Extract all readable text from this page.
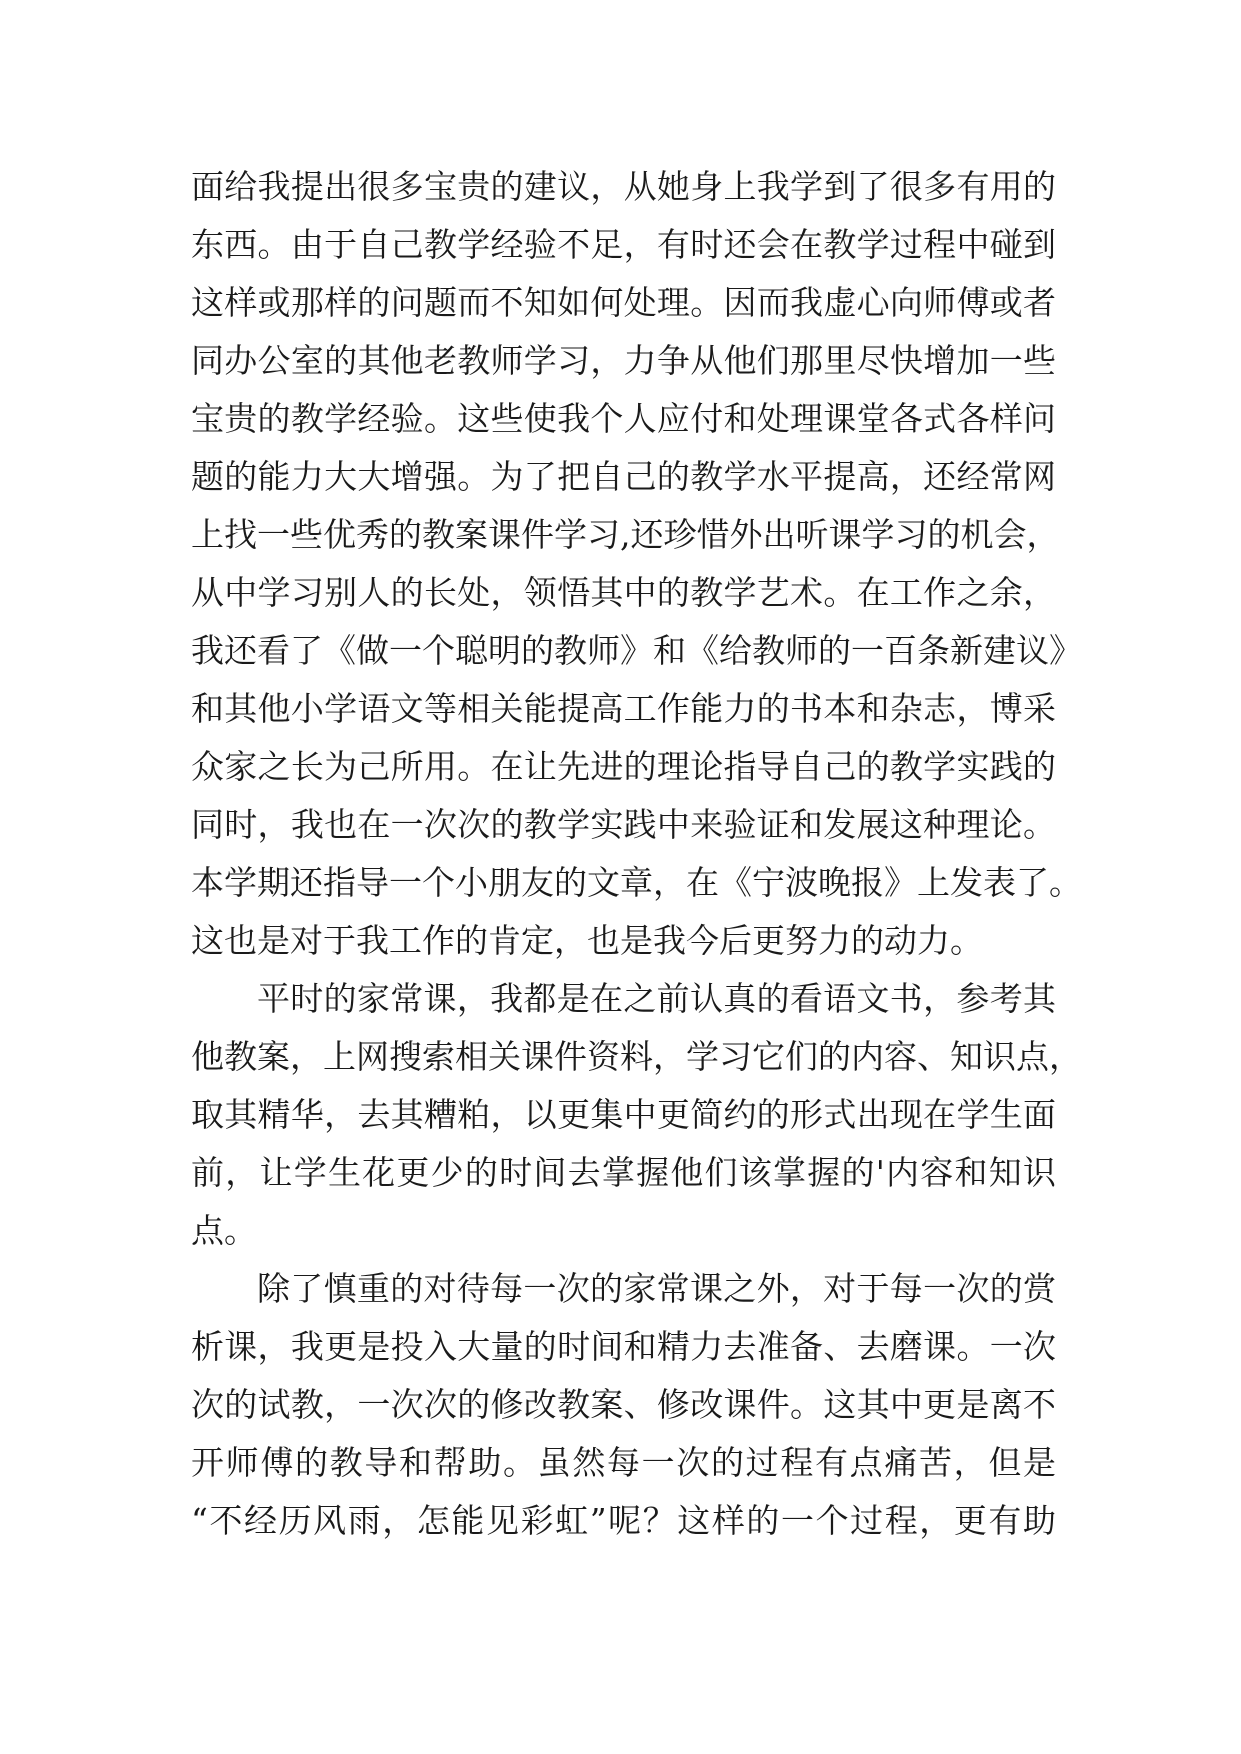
面给我提出很多宝贵的建议，从她身上我学到了很多有用的
东西。由于自己教学经验不足，有时还会在教学过程中碰到
这样或那样的问题而不知如何处理。因而我虚心向师傅或者
同办公室的其他老教师学习，力争从他们那里尽快增加一些
宝贵的教学经验。这些使我个人应付和处理课堂各式各样问
题的能力大大增强。为了把自己的教学水平提高，还经常网
上找一些优秀的教案课件学习,还珍惜外出听课学习的机会，
从中学习别人的长处，领悟其中的教学艺术。在工作之余，
我还看了《做一个聪明的教师》和《给教师的一百条新建议》
和其他小学语文等相关能提高工作能力的书本和杂志，博采
众家之长为己所用。在让先进的理论指导自己的教学实践的
同时，我也在一次次的教学实践中来验证和发展这种理论。
本学期还指导一个小朋友的文章，在《宁波晚报》上发表了。
这也是对于我工作的肯定，也是我今后更努力的动力。
平时的家常课，我都是在之前认真的看语文书，参考其
他教案，上网搜索相关课件资料，学习它们的内容、知识点，
取其精华，去其糟粕，以更集中更简约的形式出现在学生面
前，让学生花更少的时间去掌握他们该掌握的'内容和知识
点。
除了慎重的对待每一次的家常课之外，对于每一次的赏
析课，我更是投入大量的时间和精力去准备、去磨课。一次
次的试教，一次次的修改教案、修改课件。这其中更是离不
开师傅的教导和帮助。虽然每一次的过程有点痛苦，但是
“不经历风雨，怎能见彩虹”呢？这样的一个过程，更有助
